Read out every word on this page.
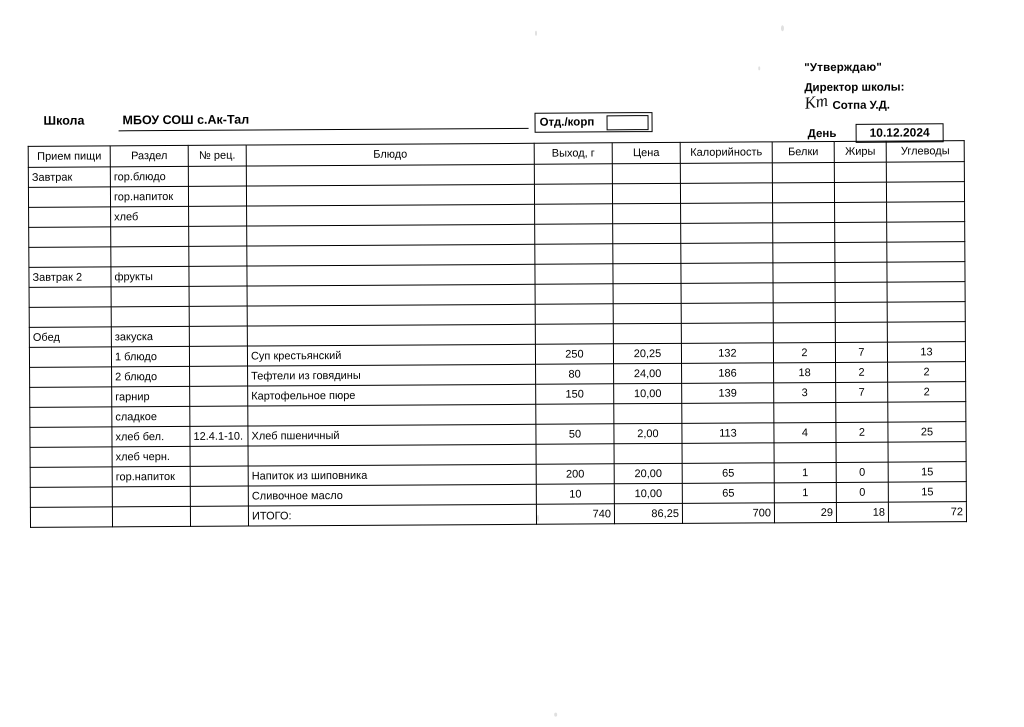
"Утверждаю"
Директор школы:
Кт Сотпа У.Д.
Школа	МБОУ СОШ с.Ак-Тал	Отд./корп
День	10.12.2024
Прием пищи	Раздел	№ рец.	Блюдо	Выход, г	Цена	Калорийность	Белки	Жиры	Углеводы
Завтрак	гор.блюдо								
	гор.напиток								
	хлеб								

Завтрак 2	фрукты								

Обед	закуска								
	1 блюдо		Суп крестьянский	250	20,25	132	2	7	13
	2 блюдо		Тефтели из говядины	80	24,00	186	18	2	2
	гарнир		Картофельное пюре	150	10,00	139	3	7	2
	сладкое								
	хлеб бел.	12.4.1-10.	Хлеб пшеничный	50	2,00	113	4	2	25
	хлеб черн.								
	гор.напиток		Напиток из шиповника	200	20,00	65	1	0	15
			Сливочное масло	10	10,00	65	1	0	15
			ИТОГО:	740	86,25	700	29	18	72
